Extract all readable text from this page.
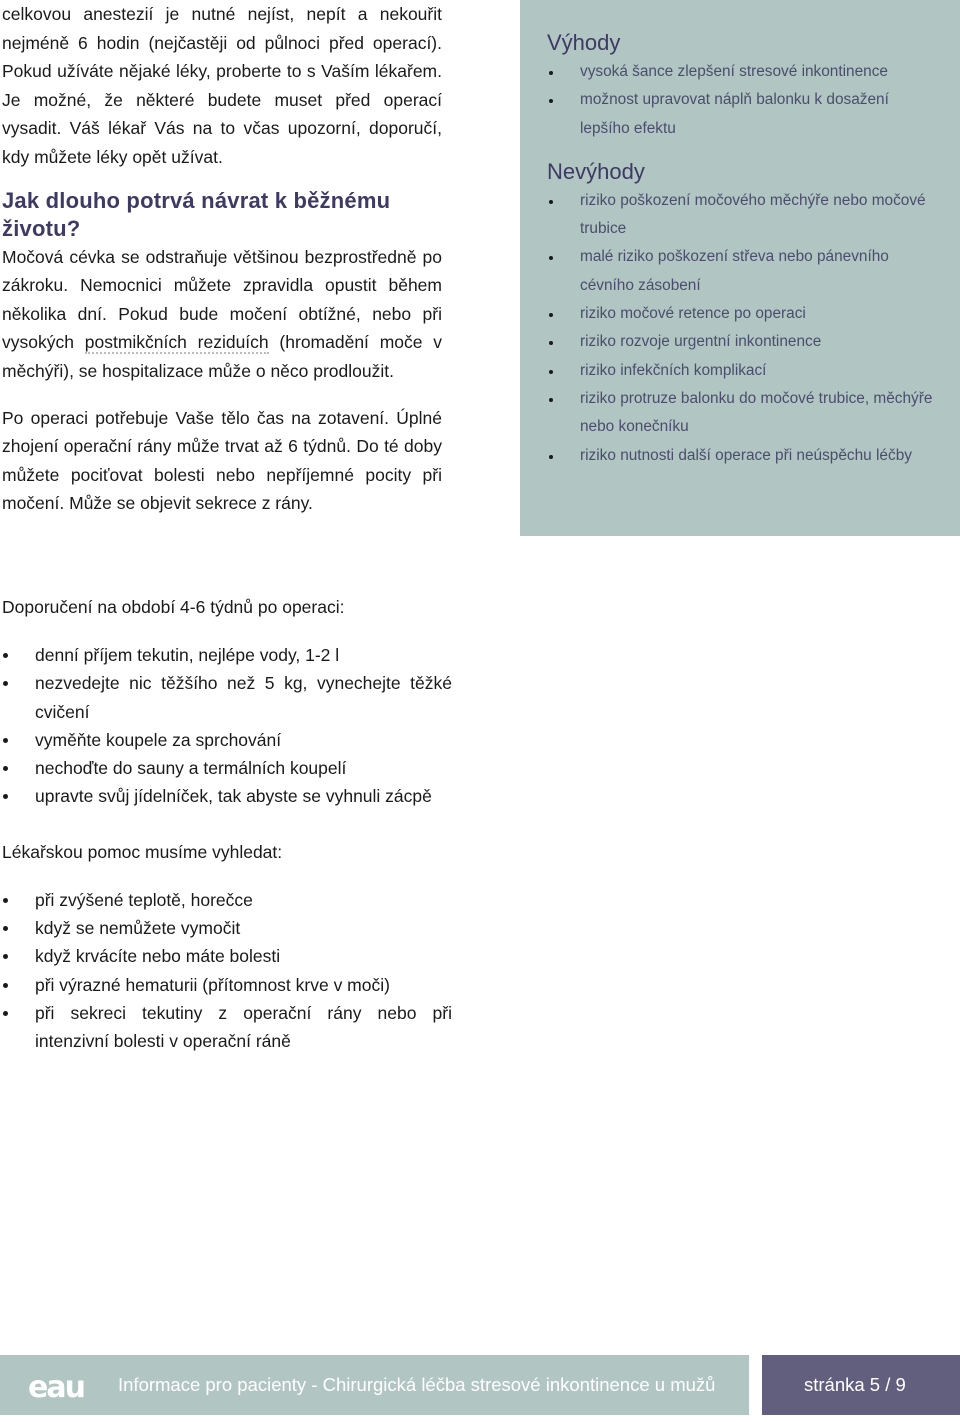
celkovou anestezií je nutné nejíst, nepít a nekouřit nejméně 6 hodin (nejčastěji od půlnoci před operací). Pokud užíváte nějaké léky, proberte to s Vaším lékařem. Je možné, že některé budete muset před operací vysadit. Váš lékař Vás na to včas upozorní, doporučí, kdy můžete léky opět užívat.

Jak dlouho potrvá návrat k běžnému životu?

Močová cévka se odstraňuje většinou bezprostředně po zákroku. Nemocnici můžete zpravidla opustit během několika dní. Pokud bude močení obtížné, nebo při vysokých postmikčních reziduích (hromadění moče v měchýři), se hospitalizace může o něco prodloužit.

Po operaci potřebuje Vaše tělo čas na zotavení. Úplné zhojení operační rány může trvat až 6 týdnů. Do té doby můžete pociťovat bolesti nebo nepříjemné pocity při močení. Může se objevit sekrece z rány.

Výhody
vysoká šance zlepšení stresové inkontinence
možnost upravovat náplň balonku k dosažení lepšího efektu
Nevýhody
riziko poškození močového měchýře nebo močové trubice
malé riziko poškození střeva nebo pánevního cévního zásobení
riziko močové retence po operaci
riziko rozvoje urgentní inkontinence
riziko infekčních komplikací
riziko protruze balonku do močové trubice, měchýře nebo konečníku
riziko nutnosti další operace při neúspěchu léčby

Doporučení na období 4-6 týdnů po operaci:

denní příjem tekutin, nejlépe vody, 1-2 l
nezvedejte nic těžšího než 5 kg, vynechejte těžké cvičení
vyměňte koupele za sprchování
nechoďte do sauny a termálních koupelí
upravte svůj jídelníček, tak abyste se vyhnuli zácpě

Lékařskou pomoc musíme vyhledat:

při zvýšené teplotě, horečce
když se nemůžete vymočit
když krvácíte nebo máte bolesti
při výrazné hematurii (přítomnost krve v moči)
při sekreci tekutiny z operační rány nebo při intenzivní bolesti v operační ráně
eau Informace pro pacienty - Chirurgická léčba stresové inkontinence u mužů	stránka 5 / 9
